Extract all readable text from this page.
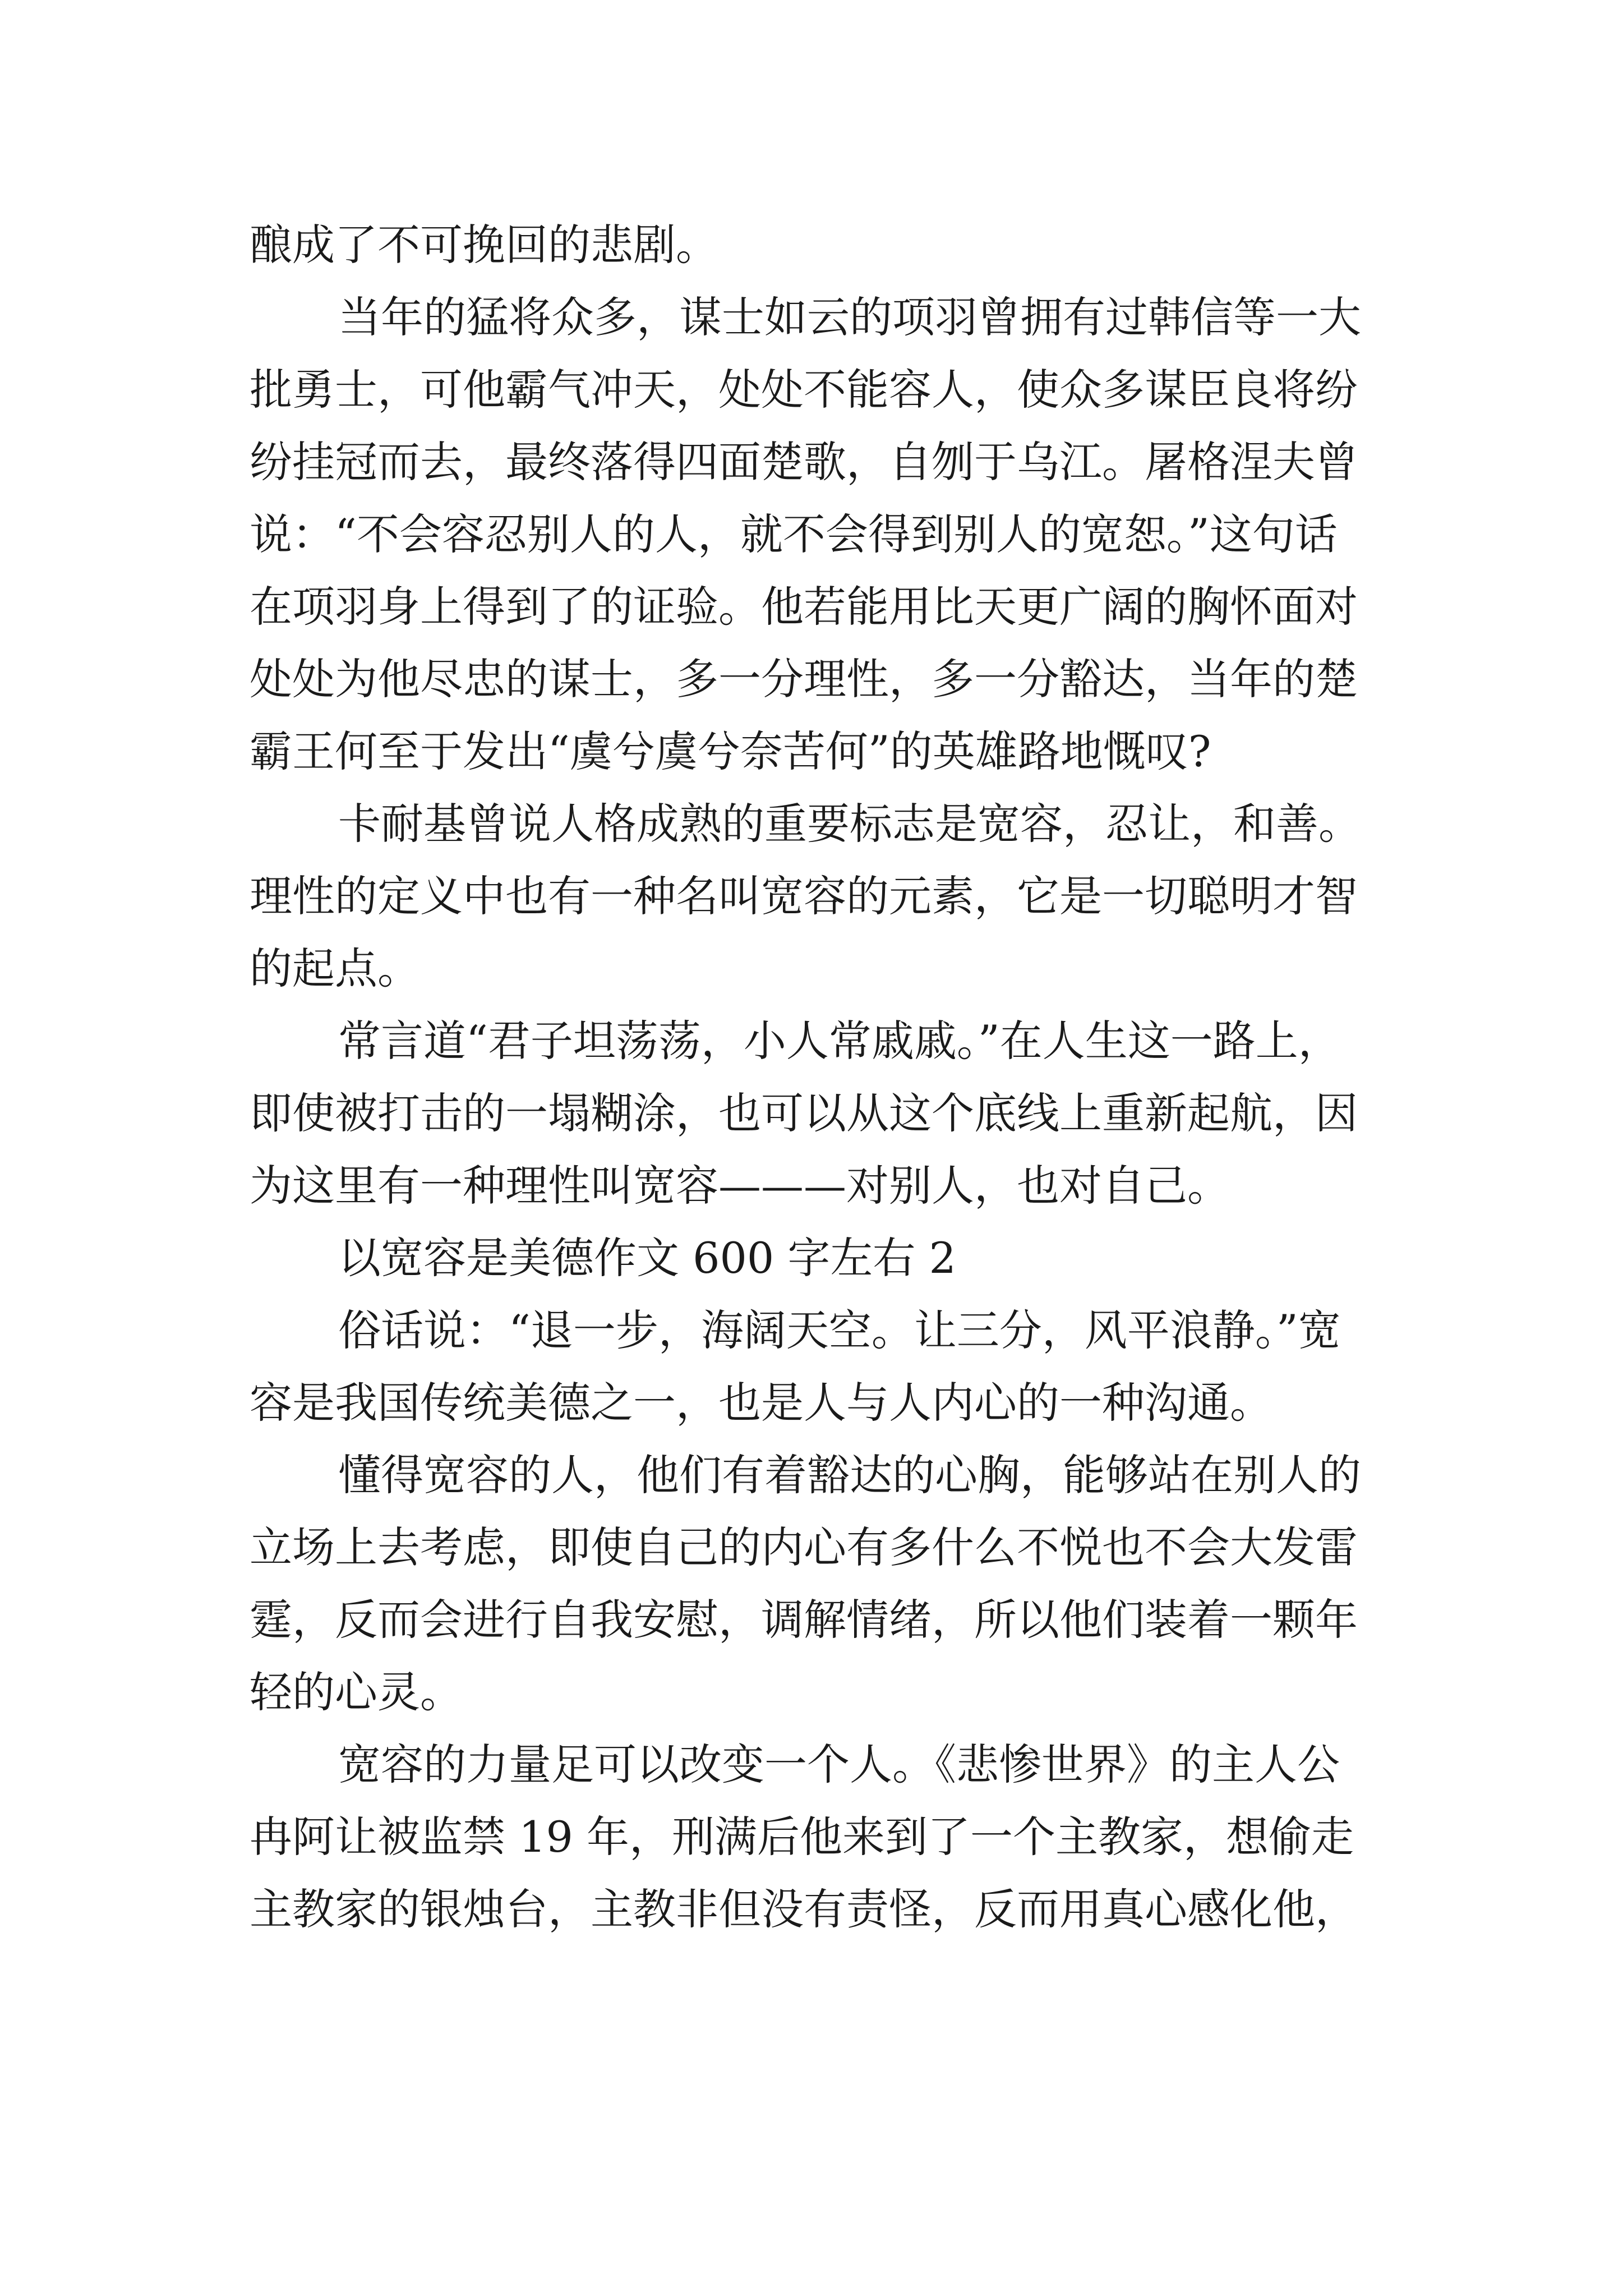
酿成了不可挽回的悲剧。
当年的猛将众多，谋士如云的项羽曾拥有过韩信等一大
批勇士，可他霸气冲天，处处不能容人，使众多谋臣良将纷
纷挂冠而去，最终落得四面楚歌，自刎于乌江。屠格涅夫曾
说：“不会容忍别人的人，就不会得到别人的宽恕。”这句话
在项羽身上得到了的证验。他若能用比天更广阔的胸怀面对
处处为他尽忠的谋士，多一分理性，多一分豁达，当年的楚
霸王何至于发出“虞兮虞兮奈苦何”的英雄路地慨叹?
卡耐基曾说人格成熟的重要标志是宽容，忍让，和善。
理性的定义中也有一种名叫宽容的元素，它是一切聪明才智
的起点。
常言道“君子坦荡荡，小人常戚戚。”在人生这一路上，
即使被打击的一塌糊涂，也可以从这个底线上重新起航，因
为这里有一种理性叫宽容———对别人，也对自己。
以宽容是美德作文 600 字左右 2
俗话说：“退一步，海阔天空。让三分，风平浪静。”宽
容是我国传统美德之一，也是人与人内心的一种沟通。
懂得宽容的人，他们有着豁达的心胸，能够站在别人的
立场上去考虑，即使自己的内心有多什么不悦也不会大发雷
霆，反而会进行自我安慰，调解情绪，所以他们装着一颗年
轻的心灵。
宽容的力量足可以改变一个人。《悲惨世界》的主人公
冉阿让被监禁 19 年，刑满后他来到了一个主教家，想偷走
主教家的银烛台，主教非但没有责怪，反而用真心感化他，
